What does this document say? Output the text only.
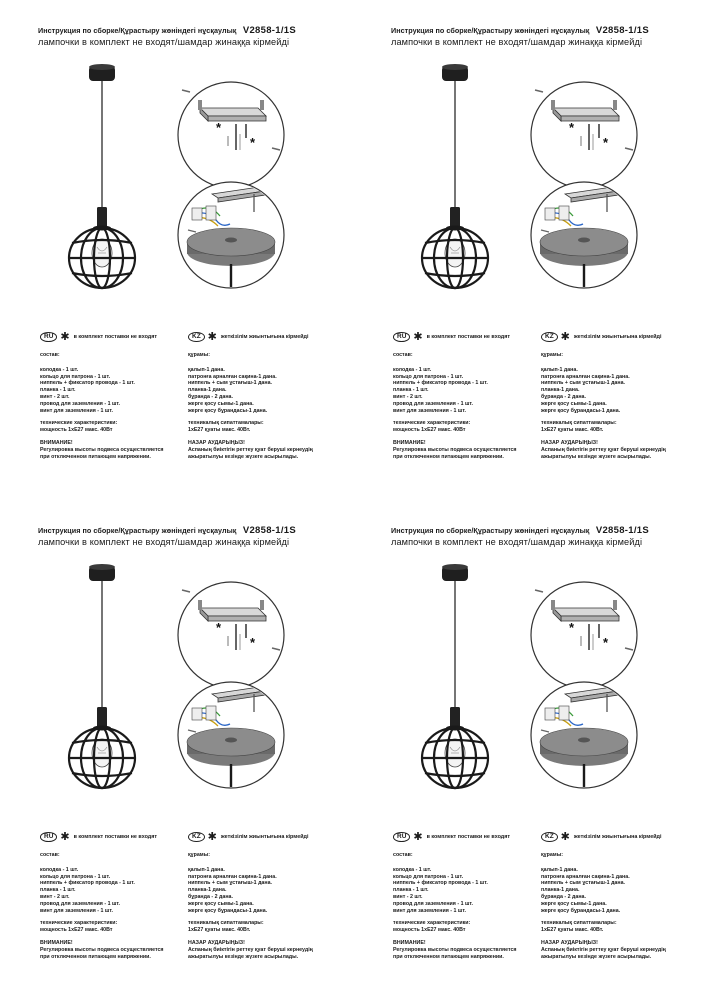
Инструкция по сборке/Құрастыру жөніндегі нұсқаулық V2858-1/1S
лампочки в комплект не входят/шамдар жинаққа кірмейді
*
*
RU ✱ в комплект поставки не входят
состав:
колодка - 1 шт.
кольцо для патрона - 1 шт.
ниппель + фиксатор провода - 1 шт.
планка - 1 шт.
винт - 2 шт.
провод для заземления - 1 шт.
винт для заземления - 1 шт.
технические характеристики:
мощность 1хЕ27 макс. 40Вт
ВНИМАНИЕ!
Регулировка высоты подвеса осуществляется
при отключенном питающем напряжении.
KZ ✱ жеткізілім жиынтығына кірмейді
құрамы:
қалып-1 дана.
патронға арналған сақина-1 дана.
ниппель + сым ұстағыш-1 дана.
планка-1 дана.
бұранда - 2 дана.
жерге қосу сымы-1 дана.
жерге қосу бұрандасы-1 дана.
техникалық сипаттамалары:
1хЕ27 қуаты макс. 40Вт.
НАЗАР АУДАРЫҢЫЗ!
Аспаның биіктігін реттеу қуат беруші кернеудің
ажыратылуы кезінде жүзеге асырылады.
Инструкция по сборке/Құрастыру жөніндегі нұсқаулық V2858-1/1S
лампочки в комплект не входят/шамдар жинаққа кірмейді
*
*
RU ✱ в комплект поставки не входят
состав:
колодка - 1 шт.
кольцо для патрона - 1 шт.
ниппель + фиксатор провода - 1 шт.
планка - 1 шт.
винт - 2 шт.
провод для заземления - 1 шт.
винт для заземления - 1 шт.
технические характеристики:
мощность 1хЕ27 макс. 40Вт
ВНИМАНИЕ!
Регулировка высоты подвеса осуществляется
при отключенном питающем напряжении.
KZ ✱ жеткізілім жиынтығына кірмейді
құрамы:
қалып-1 дана.
патронға арналған сақина-1 дана.
ниппель + сым ұстағыш-1 дана.
планка-1 дана.
бұранда - 2 дана.
жерге қосу сымы-1 дана.
жерге қосу бұрандасы-1 дана.
техникалық сипаттамалары:
1хЕ27 қуаты макс. 40Вт.
НАЗАР АУДАРЫҢЫЗ!
Аспаның биіктігін реттеу қуат беруші кернеудің
ажыратылуы кезінде жүзеге асырылады.
Инструкция по сборке/Құрастыру жөніндегі нұсқаулық V2858-1/1S
лампочки в комплект не входят/шамдар жинаққа кірмейді
*
*
RU ✱ в комплект поставки не входят
состав:
колодка - 1 шт.
кольцо для патрона - 1 шт.
ниппель + фиксатор провода - 1 шт.
планка - 1 шт.
винт - 2 шт.
провод для заземления - 1 шт.
винт для заземления - 1 шт.
технические характеристики:
мощность 1хЕ27 макс. 40Вт
ВНИМАНИЕ!
Регулировка высоты подвеса осуществляется
при отключенном питающем напряжении.
KZ ✱ жеткізілім жиынтығына кірмейді
құрамы:
қалып-1 дана.
патронға арналған сақина-1 дана.
ниппель + сым ұстағыш-1 дана.
планка-1 дана.
бұранда - 2 дана.
жерге қосу сымы-1 дана.
жерге қосу бұрандасы-1 дана.
техникалық сипаттамалары:
1хЕ27 қуаты макс. 40Вт.
НАЗАР АУДАРЫҢЫЗ!
Аспаның биіктігін реттеу қуат беруші кернеудің
ажыратылуы кезінде жүзеге асырылады.
Инструкция по сборке/Құрастыру жөніндегі нұсқаулық V2858-1/1S
лампочки в комплект не входят/шамдар жинаққа кірмейді
*
*
RU ✱ в комплект поставки не входят
состав:
колодка - 1 шт.
кольцо для патрона - 1 шт.
ниппель + фиксатор провода - 1 шт.
планка - 1 шт.
винт - 2 шт.
провод для заземления - 1 шт.
винт для заземления - 1 шт.
технические характеристики:
мощность 1хЕ27 макс. 40Вт
ВНИМАНИЕ!
Регулировка высоты подвеса осуществляется
при отключенном питающем напряжении.
KZ ✱ жеткізілім жиынтығына кірмейді
құрамы:
қалып-1 дана.
патронға арналған сақина-1 дана.
ниппель + сым ұстағыш-1 дана.
планка-1 дана.
бұранда - 2 дана.
жерге қосу сымы-1 дана.
жерге қосу бұрандасы-1 дана.
техникалық сипаттамалары:
1хЕ27 қуаты макс. 40Вт.
НАЗАР АУДАРЫҢЫЗ!
Аспаның биіктігін реттеу қуат беруші кернеудің
ажыратылуы кезінде жүзеге асырылады.
